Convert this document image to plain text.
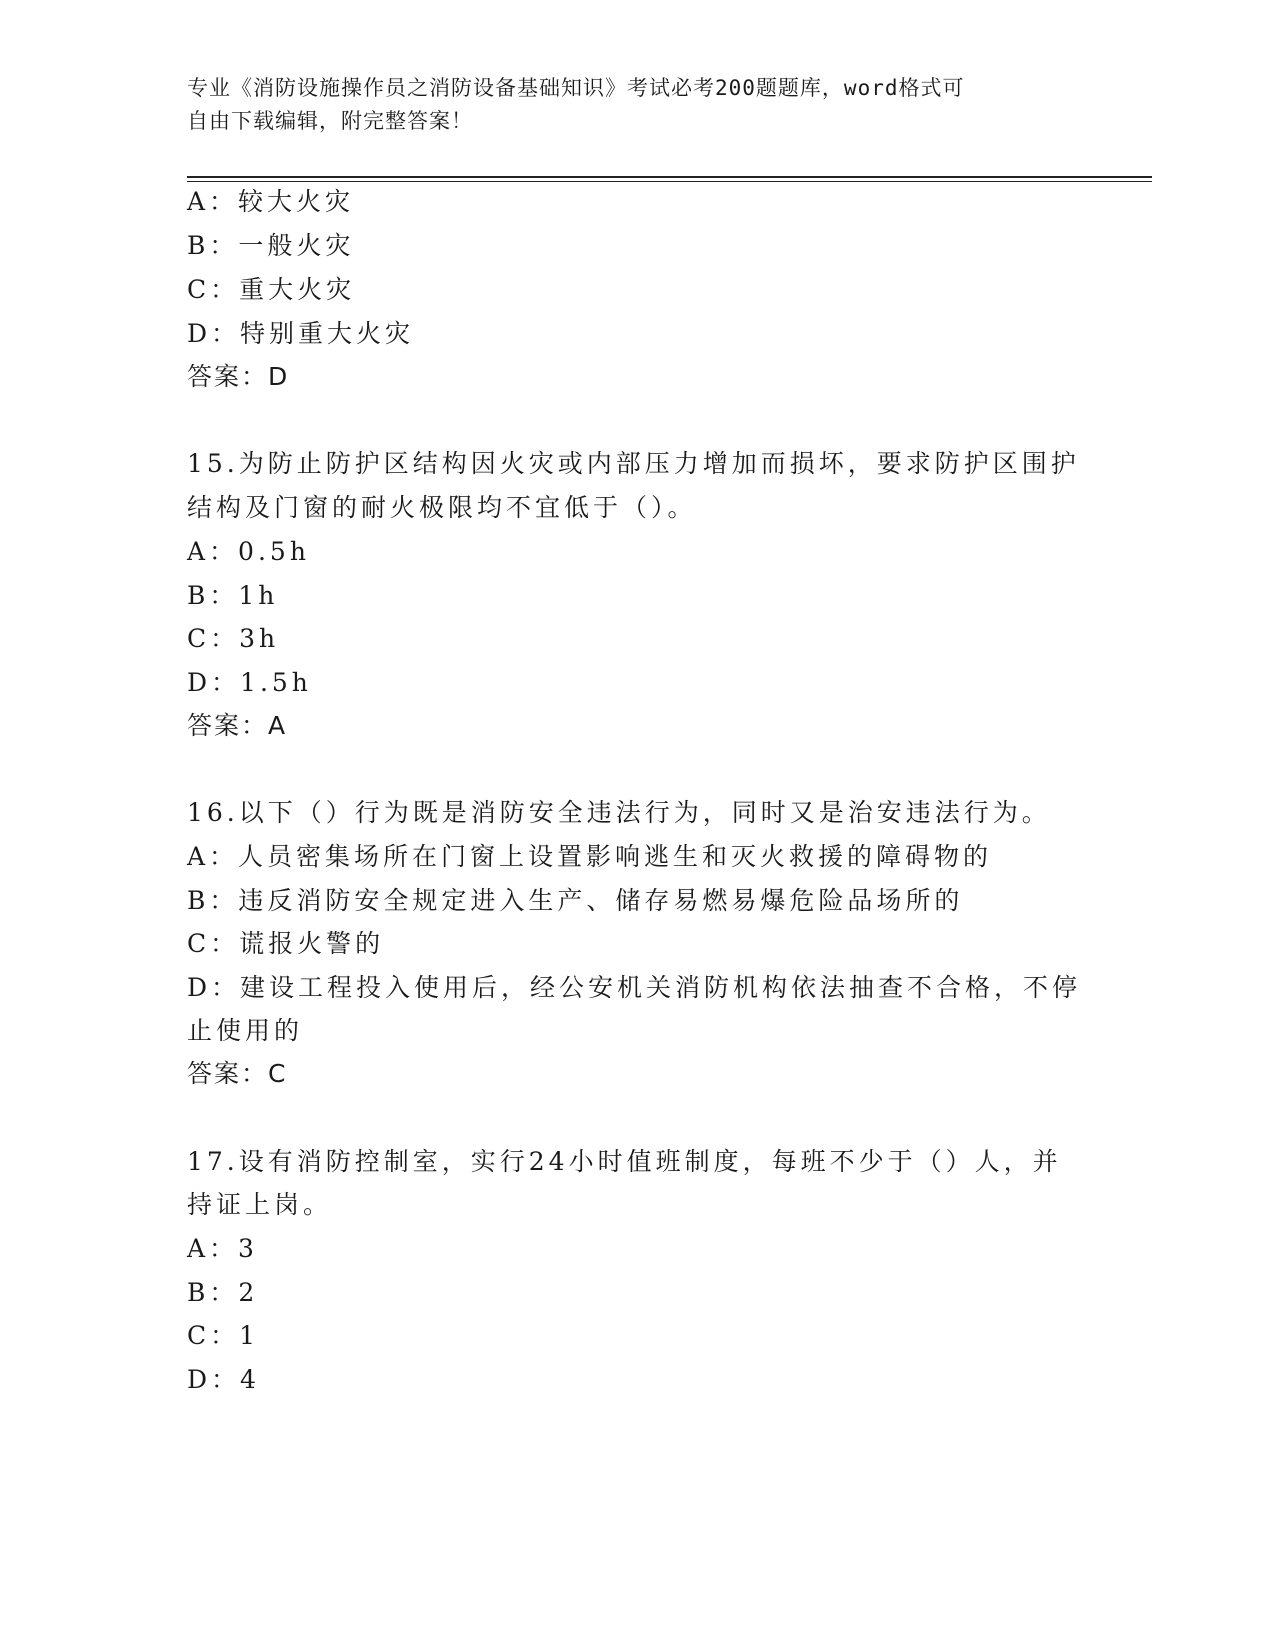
专业《消防设施操作员之消防设备基础知识》考试必考200题题库，word格式可
自由下载编辑，附完整答案！
A：较大火灾
B：一般火灾
C：重大火灾
D：特别重大火灾
答案：D
15.为防止防护区结构因火灾或内部压力增加而损坏，要求防护区围护
结构及门窗的耐火极限均不宜低于（）。
A：0.5h
B：1h
C：3h
D：1.5h
答案：A
16.以下（）行为既是消防安全违法行为，同时又是治安违法行为。
A：人员密集场所在门窗上设置影响逃生和灭火救援的障碍物的
B：违反消防安全规定进入生产、储存易燃易爆危险品场所的
C：谎报火警的
D：建设工程投入使用后，经公安机关消防机构依法抽查不合格，不停
止使用的
答案：C
17.设有消防控制室，实行24小时值班制度，每班不少于（）人，并
持证上岗。
A：3
B：2
C：1
D：4
